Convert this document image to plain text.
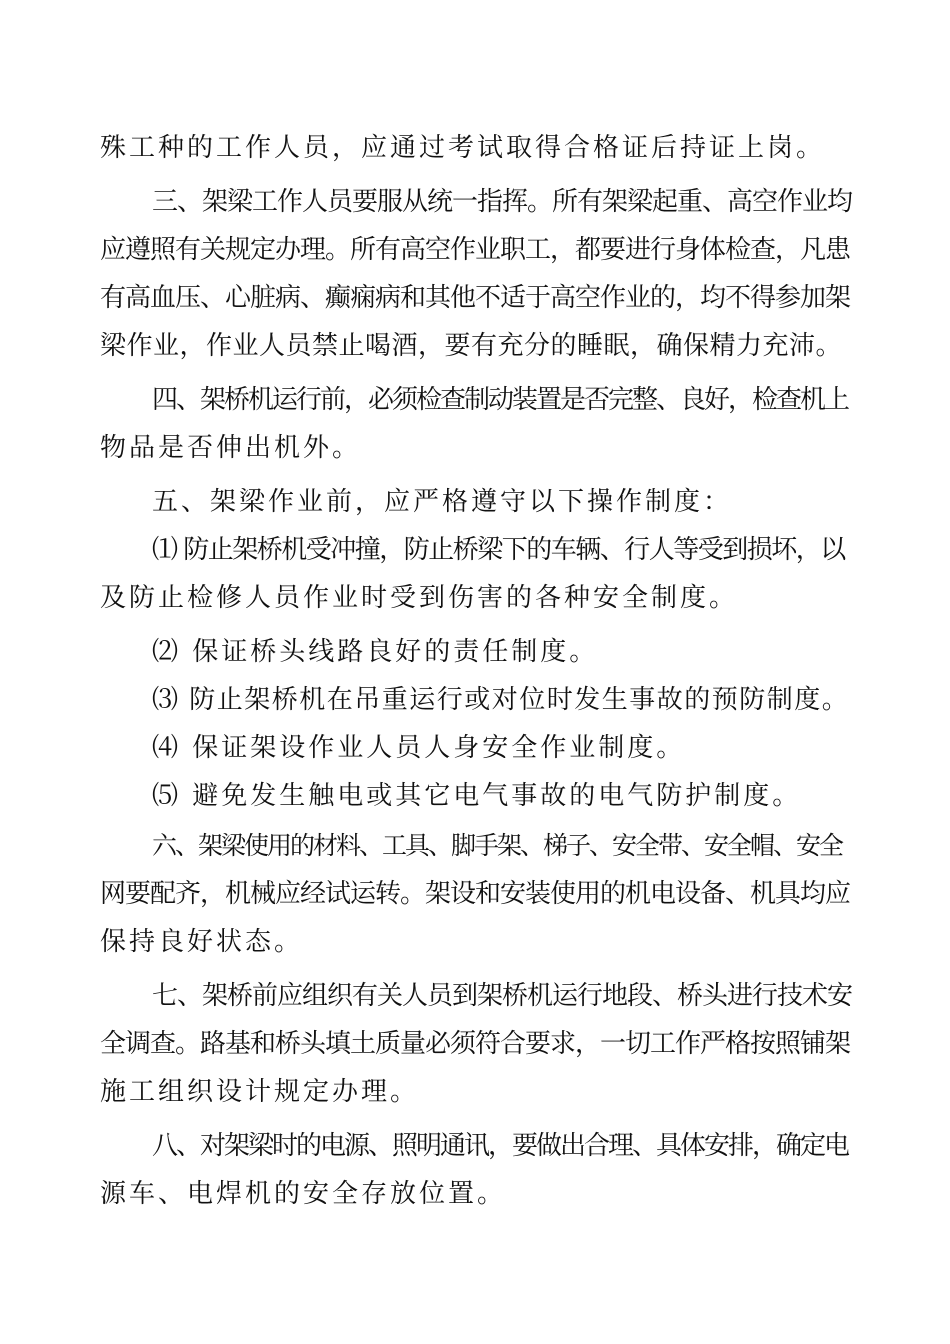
殊工种的工作人员，应通过考试取得合格证后持证上岗。
三、架梁工作人员要服从统一指挥。所有架梁起重、高空作业均
应遵照有关规定办理。所有高空作业职工，都要进行身体检查，凡患
有高血压、心脏病、癫痫病和其他不适于高空作业的，均不得参加架
梁作业，作业人员禁止喝酒，要有充分的睡眠，确保精力充沛。
四、架桥机运行前，必须检查制动装置是否完整、良好，检查机上
物品是否伸出机外。
五、架梁作业前，应严格遵守以下操作制度：
⑴ 防止架桥机受冲撞，防止桥梁下的车辆、行人等受到损坏，以
及防止检修人员作业时受到伤害的各种安全制度。
⑵ 保证桥头线路良好的责任制度。
⑶ 防止架桥机在吊重运行或对位时发生事故的预防制度。
⑷ 保证架设作业人员人身安全作业制度。
⑸ 避免发生触电或其它电气事故的电气防护制度。
六、架梁使用的材料、工具、脚手架、梯子、安全带、安全帽、安全
网要配齐，机械应经试运转。架设和安装使用的机电设备、机具均应
保持良好状态。
七、架桥前应组织有关人员到架桥机运行地段、桥头进行技术安
全调查。路基和桥头填土质量必须符合要求，一切工作严格按照铺架
施工组织设计规定办理。
八、对架梁时的电源、照明通讯，要做出合理、具体安排，确定电
源车、电焊机的安全存放位置。
